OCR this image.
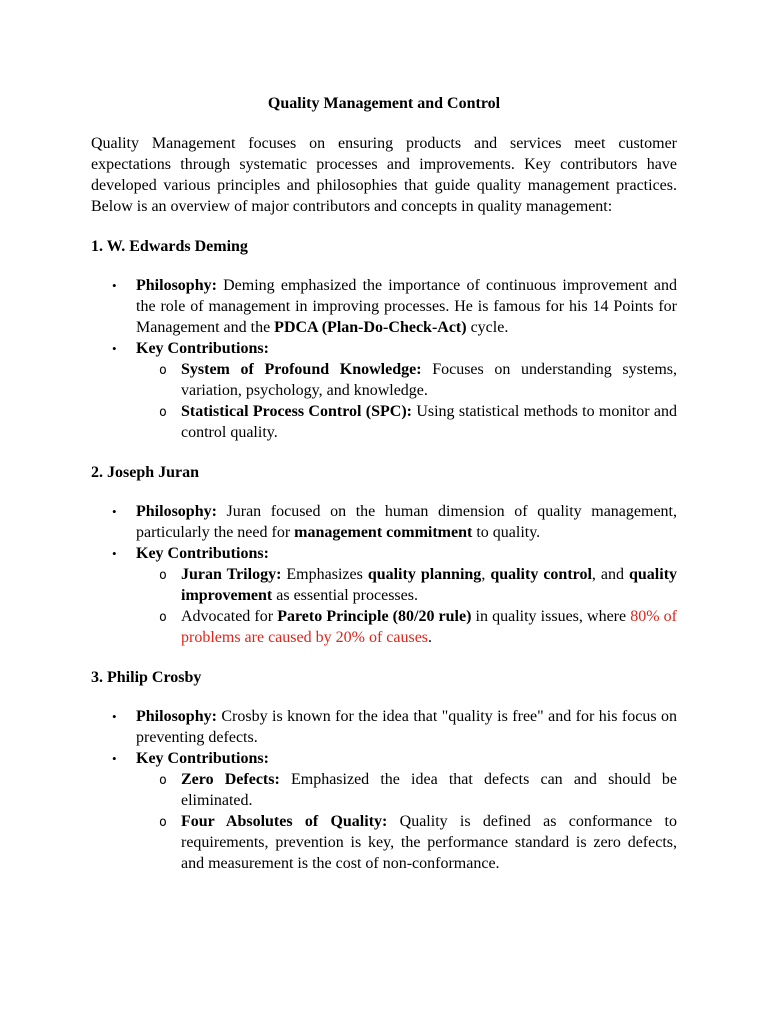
Quality Management and Control

Quality Management focuses on ensuring products and services meet customer expectations through systematic processes and improvements. Key contributors have developed various principles and philosophies that guide quality management practices. Below is an overview of major contributors and concepts in quality management:

1. W. Edwards Deming

• Philosophy: Deming emphasized the importance of continuous improvement and the role of management in improving processes. He is famous for his 14 Points for Management and the PDCA (Plan-Do-Check-Act) cycle.
• Key Contributions:
o System of Profound Knowledge: Focuses on understanding systems, variation, psychology, and knowledge.
o Statistical Process Control (SPC): Using statistical methods to monitor and control quality.

2. Joseph Juran

• Philosophy: Juran focused on the human dimension of quality management, particularly the need for management commitment to quality.
• Key Contributions:
o Juran Trilogy: Emphasizes quality planning, quality control, and quality improvement as essential processes.
o Advocated for Pareto Principle (80/20 rule) in quality issues, where 80% of problems are caused by 20% of causes.

3. Philip Crosby

• Philosophy: Crosby is known for the idea that "quality is free" and for his focus on preventing defects.
• Key Contributions:
o Zero Defects: Emphasized the idea that defects can and should be eliminated.
o Four Absolutes of Quality: Quality is defined as conformance to requirements, prevention is key, the performance standard is zero defects, and measurement is the cost of non-conformance.
